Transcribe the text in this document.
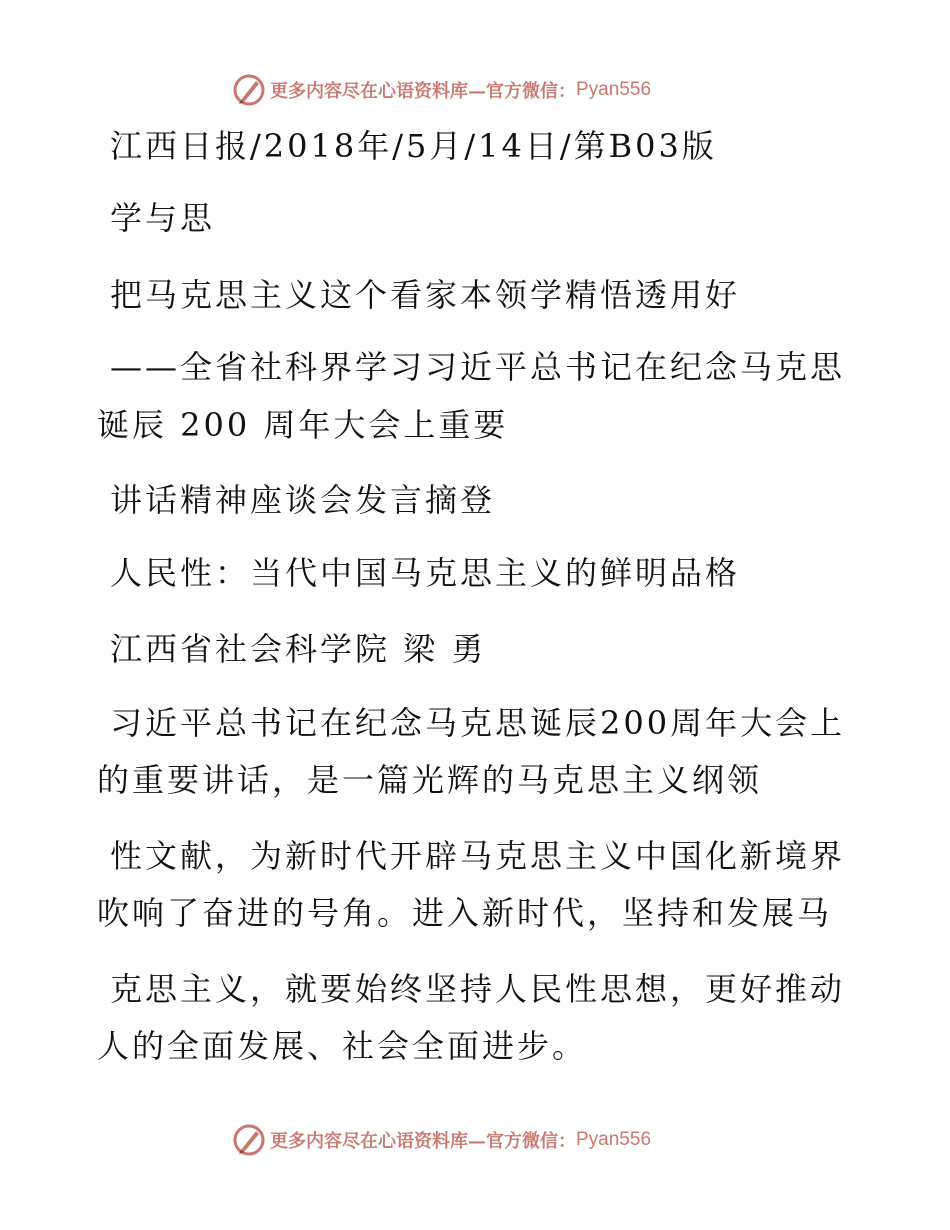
更多内容尽在心语资料库—官方微信： Pyan556
江西日报/2018年/5月/14日/第B03版
学与思
把马克思主义这个看家本领学精悟透用好
——全省社科界学习习近平总书记在纪念马克思
诞辰 200 周年大会上重要
讲话精神座谈会发言摘登
人民性：当代中国马克思主义的鲜明品格
江西省社会科学院 梁 勇
习近平总书记在纪念马克思诞辰200周年大会上
的重要讲话，是一篇光辉的马克思主义纲领
性文献，为新时代开辟马克思主义中国化新境界
吹响了奋进的号角。进入新时代，坚持和发展马
克思主义，就要始终坚持人民性思想，更好推动
人的全面发展、社会全面进步。
更多内容尽在心语资料库—官方微信： Pyan556
